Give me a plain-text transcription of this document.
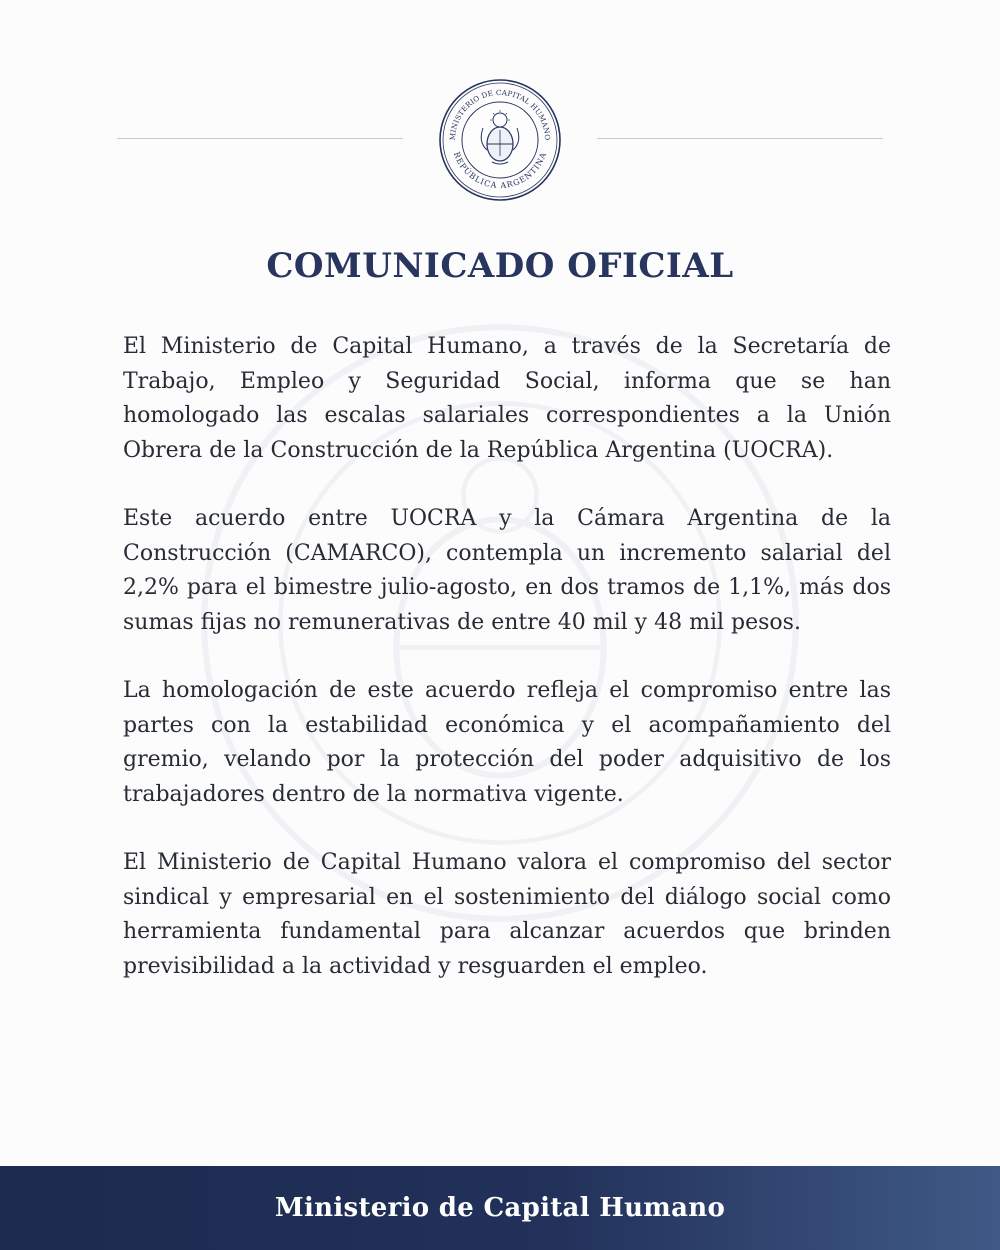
MINISTERIO DE CAPITAL HUMANO
REPÚBLICA ARGENTINA
COMUNICADO OFICIAL

El Ministerio de Capital Humano, a través de la Secretaría de Trabajo, Empleo y Seguridad Social, informa que se han homologado las escalas salariales correspondientes a la Unión Obrera de la Construcción de la República Argentina (UOCRA).

Este acuerdo entre UOCRA y la Cámara Argentina de la Construcción (CAMARCO), contempla un incremento salarial del 2,2% para el bimestre julio-agosto, en dos tramos de 1,1%, más dos sumas fijas no remunerativas de entre 40 mil y 48 mil pesos.

La homologación de este acuerdo refleja el compromiso entre las partes con la estabilidad económica y el acompañamiento del gremio, velando por la protección del poder adquisitivo de los trabajadores dentro de la normativa vigente.

El Ministerio de Capital Humano valora el compromiso del sector sindical y empresarial en el sostenimiento del diálogo social como herramienta fundamental para alcanzar acuerdos que brinden previsibilidad a la actividad y resguarden el empleo.

Ministerio de Capital Humano
